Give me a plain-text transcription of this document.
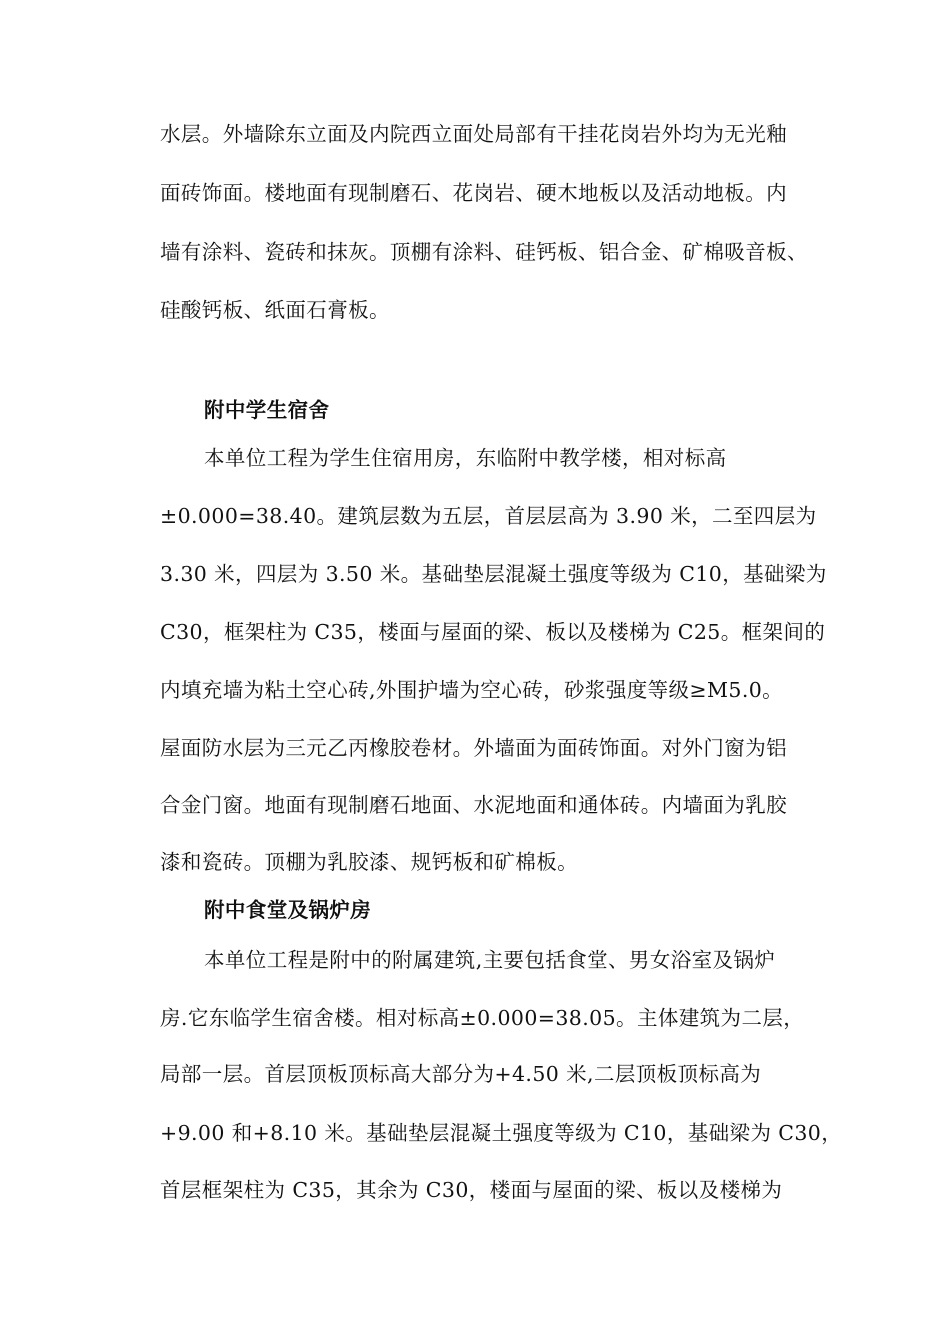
水层。外墙除东立面及内院西立面处局部有干挂花岗岩外均为无光釉
面砖饰面。楼地面有现制磨石、花岗岩、硬木地板以及活动地板。内
墙有涂料、瓷砖和抹灰。顶棚有涂料、硅钙板、铝合金、矿棉吸音板、
硅酸钙板、纸面石膏板。
附中学生宿舍
本单位工程为学生住宿用房，东临附中教学楼，相对标高
±0.000=38.40。建筑层数为五层，首层层高为 3.90 米，二至四层为
3.30 米，四层为 3.50 米。基础垫层混凝土强度等级为 C10，基础梁为
C30，框架柱为 C35，楼面与屋面的梁、板以及楼梯为 C25。框架间的
内填充墙为粘土空心砖,外围护墙为空心砖，砂浆强度等级≥M5.0。
屋面防水层为三元乙丙橡胶卷材。外墙面为面砖饰面。对外门窗为铝
合金门窗。地面有现制磨石地面、水泥地面和通体砖。内墙面为乳胶
漆和瓷砖。顶棚为乳胶漆、规钙板和矿棉板。
附中食堂及锅炉房
本单位工程是附中的附属建筑,主要包括食堂、男女浴室及锅炉
房.它东临学生宿舍楼。相对标高±0.000=38.05。主体建筑为二层，
局部一层。首层顶板顶标高大部分为+4.50 米,二层顶板顶标高为
+9.00 和+8.10 米。基础垫层混凝土强度等级为 C10，基础梁为 C30，
首层框架柱为 C35，其余为 C30，楼面与屋面的梁、板以及楼梯为
